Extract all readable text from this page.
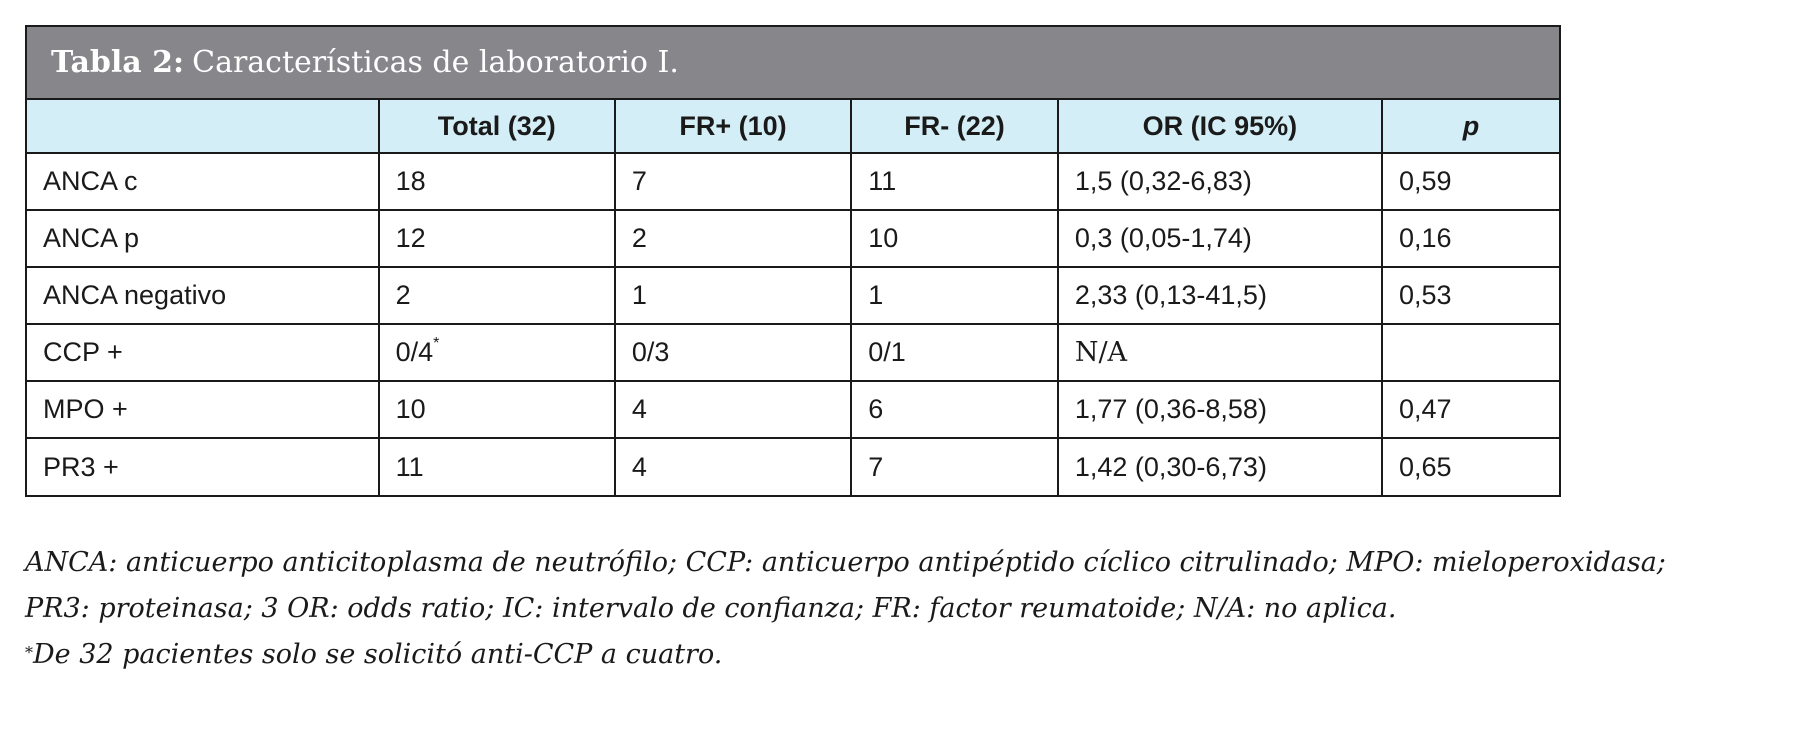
Tabla 2: Características de laboratorio I.
	Total (32)	FR+ (10)	FR- (22)	OR (IC 95%)	p
ANCA c	18	7	11	1,5 (0,32-6,83)	0,59
ANCA p	12	2	10	0,3 (0,05-1,74)	0,16
ANCA negativo	2	1	1	2,33 (0,13-41,5)	0,53
CCP +	0/4*	0/3	0/1	N/A	
MPO +	10	4	6	1,77 (0,36-8,58)	0,47
PR3 +	11	4	7	1,42 (0,30-6,73)	0,65

ANCA: anticuerpo anticitoplasma de neutrófilo; CCP: anticuerpo antipéptido cíclico citrulinado; MPO: mieloperoxidasa;

PR3: proteinasa; 3 OR: odds ratio; IC: intervalo de confianza; FR: factor reumatoide; N/A: no aplica.

*De 32 pacientes solo se solicitó anti-CCP a cuatro.
